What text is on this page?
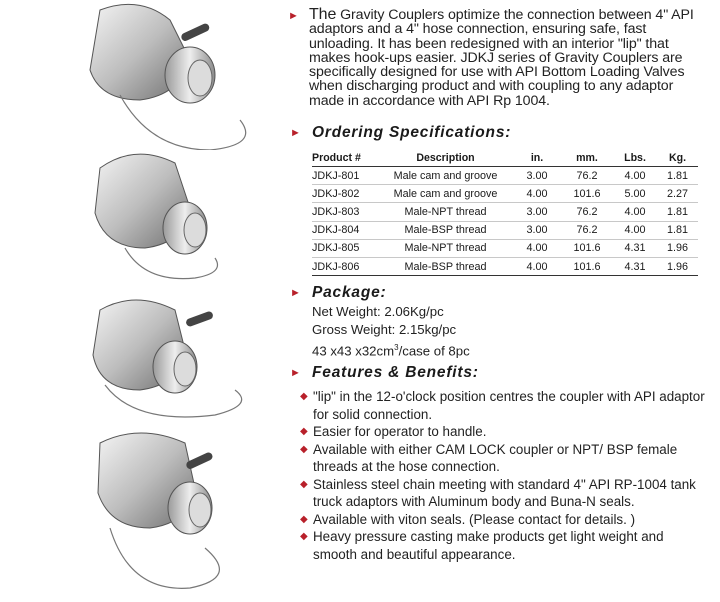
► The Gravity Couplers optimize the connection between 4" API adaptors and a 4" hose connection, ensuring safe, fast unloading. It has been redesigned with an interior "lip" that makes hook-ups easier. JDKJ series of Gravity Couplers are specifically designed for use with API Bottom Loading Valves when discharging product and with coupling to any adaptor made in accordance with API Rp 1004.
► Ordering Specifications:
Product #	Description	in.	mm.	Lbs.	Kg.
JDKJ-801	Male cam and groove	3.00	76.2	4.00	1.81
JDKJ-802	Male cam and groove	4.00	101.6	5.00	2.27
JDKJ-803	Male-NPT thread	3.00	76.2	4.00	1.81
JDKJ-804	Male-BSP thread	3.00	76.2	4.00	1.81
JDKJ-805	Male-NPT thread	4.00	101.6	4.31	1.96
JDKJ-806	Male-BSP thread	4.00	101.6	4.31	1.96
► Package:
Net Weight: 2.06Kg/pc
Gross Weight: 2.15kg/pc
43 x43 $x32cm^3$/case of 8pc
► Features & Benefits:
◆ "lip" in the 12-o'clock position centres the coupler with API adaptor for solid connection.
◆ Easier for operator to handle.
◆ Available with either CAM LOCK coupler or NPT/ BSP female threads at the hose connection.
◆ Stainless steel chain meeting with standard 4" API RP-1004 tank truck adaptors with Aluminum body and Buna-N seals.
◆ Available with viton seals. (Please contact for details. )
◆ Heavy pressure casting make products get light weight and smooth and beautiful appearance.
